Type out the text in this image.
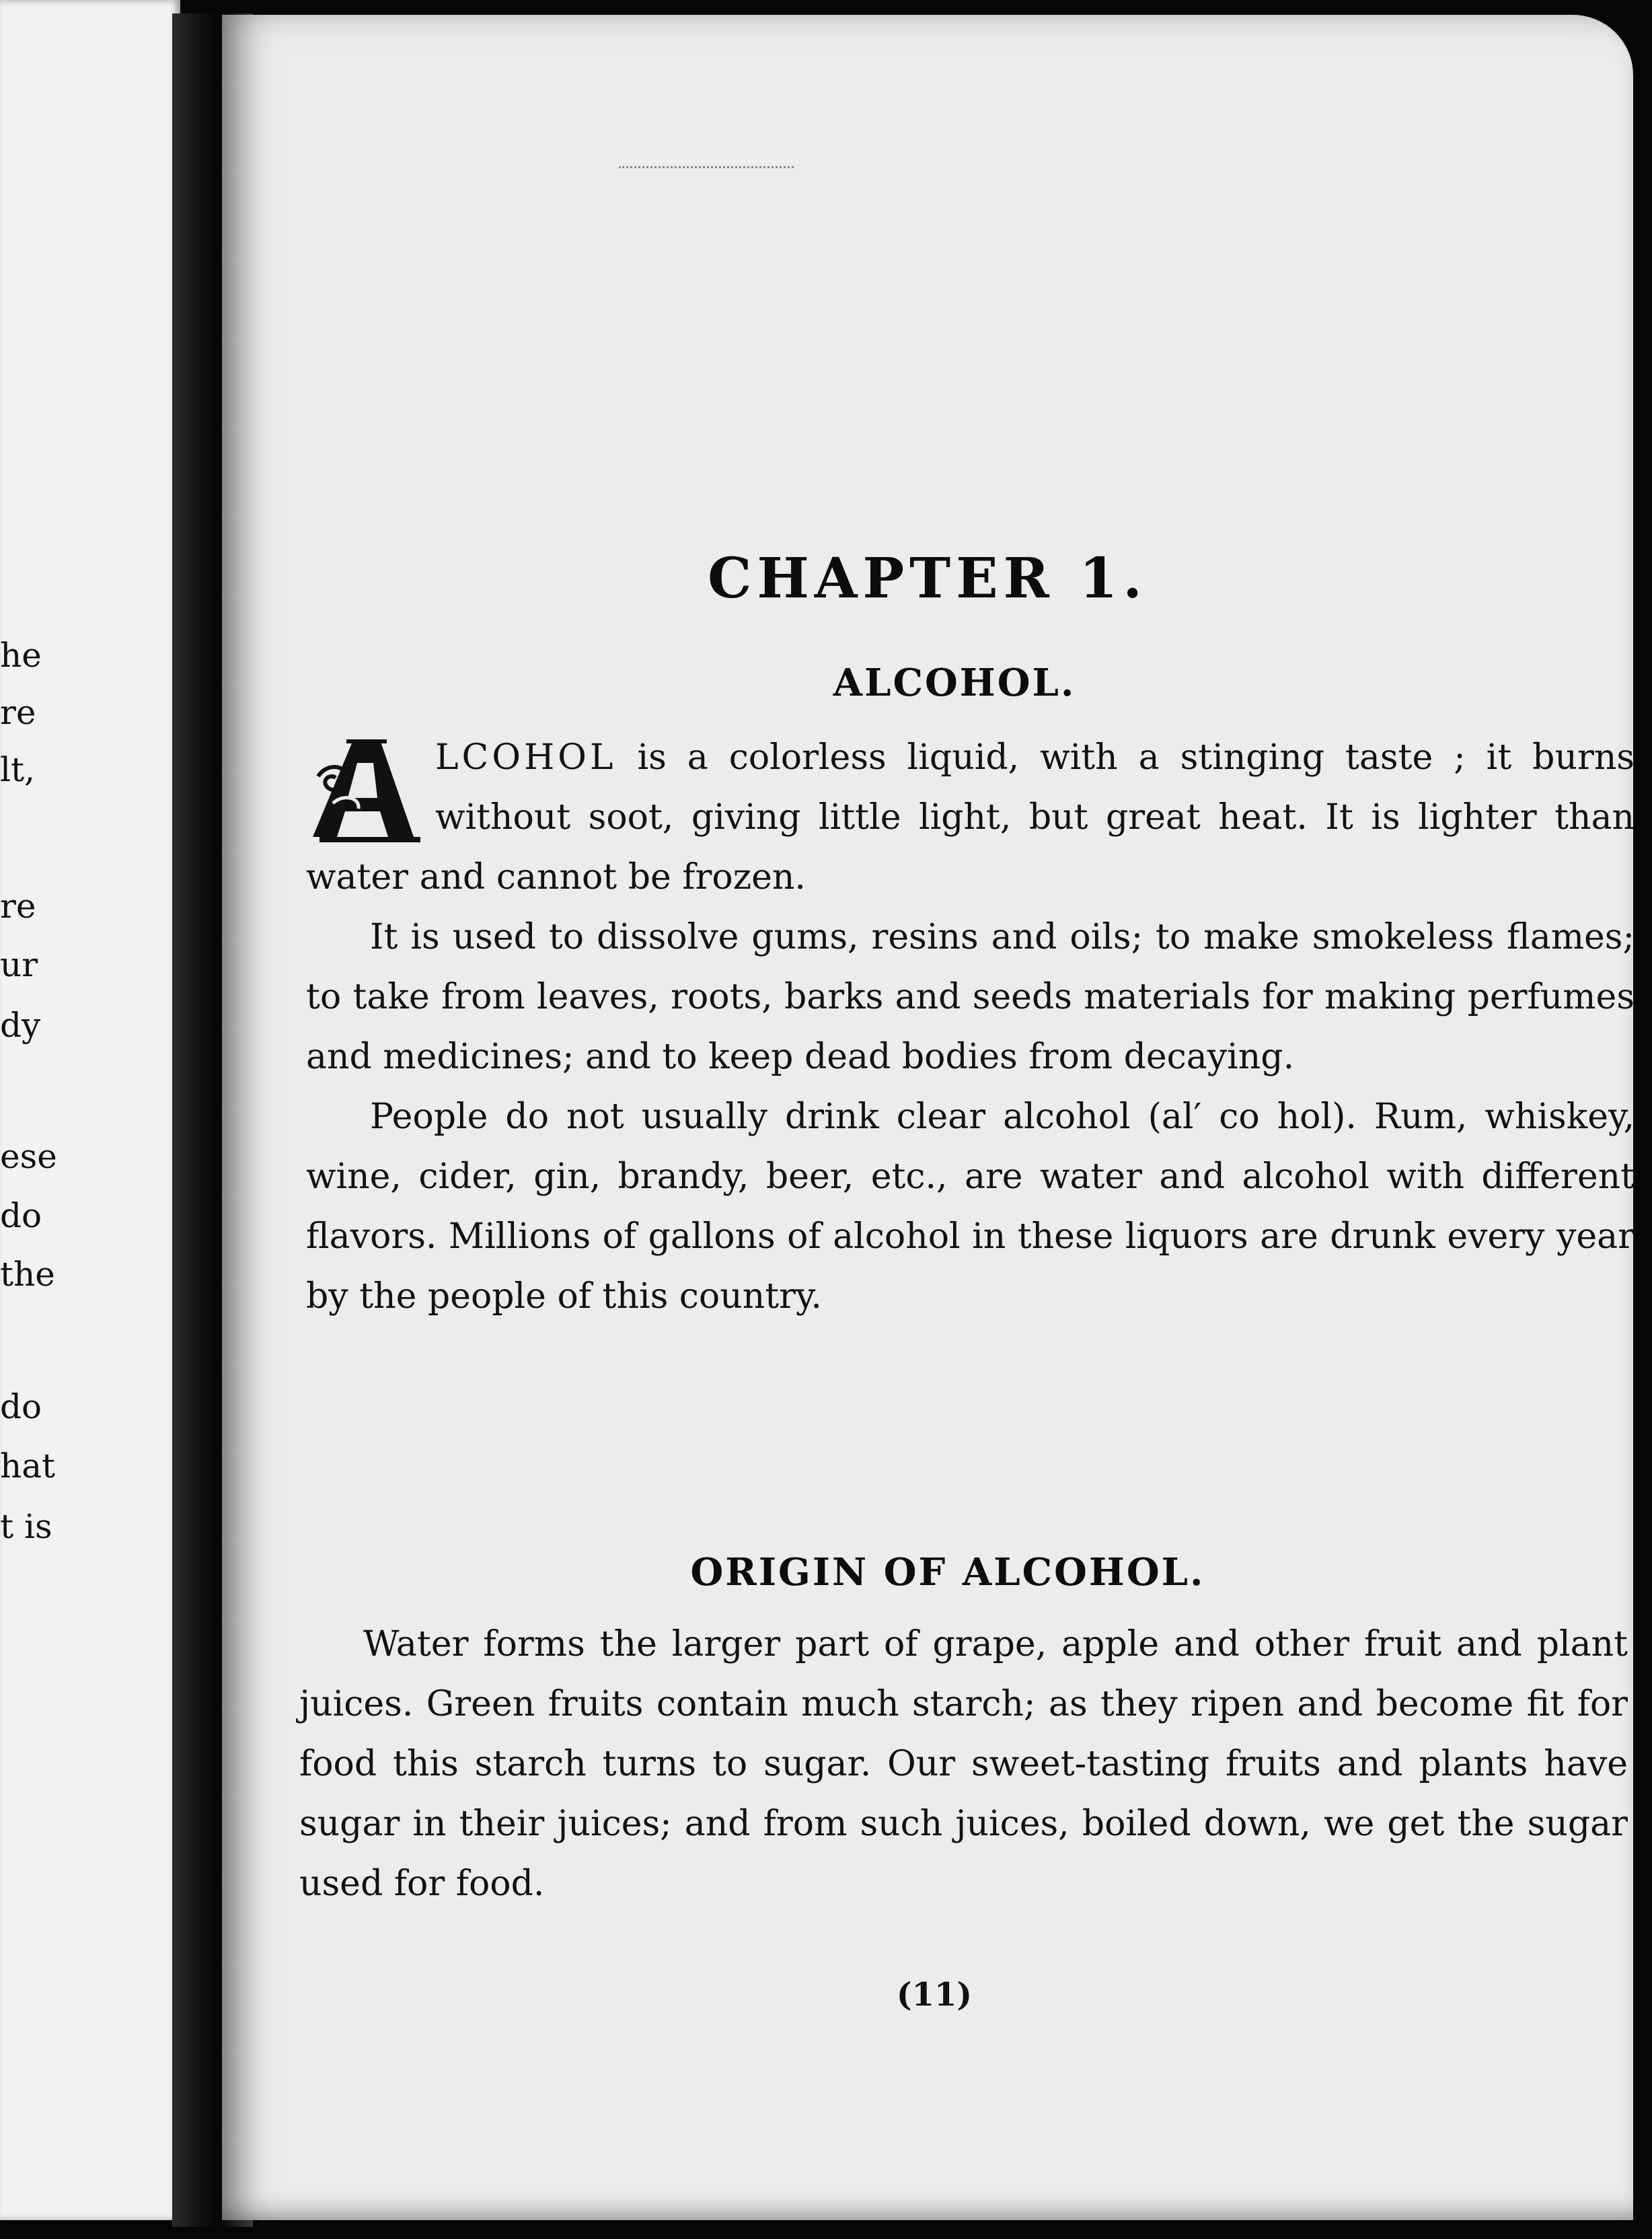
he
re
lt,
re
ur
dy
ese
do
the
do
hat
t is
CHAPTER 1.
ALCOHOL.

LCOHOL is a colorless liquid, with a stinging taste ; it burns without soot, giving little light, but great heat. It is lighter than water and cannot be frozen.

It is used to dissolve gums, resins and oils; to make smokeless flames; to take from leaves, roots, barks and seeds materials for making perfumes and medicines; and to keep dead bodies from decaying.

People do not usually drink clear alcohol (al′ co hol). Rum, whiskey, wine, cider, gin, brandy, beer, etc., are water and alcohol with different flavors. Millions of gallons of alcohol in these liquors are drunk every year by the people of this country.

ORIGIN OF ALCOHOL.

Water forms the larger part of grape, apple and other fruit and plant juices. Green fruits contain much starch; as they ripen and become fit for food this starch turns to sugar. Our sweet-tasting fruits and plants have sugar in their juices; and from such juices, boiled down, we get the sugar used for food.

(11)
